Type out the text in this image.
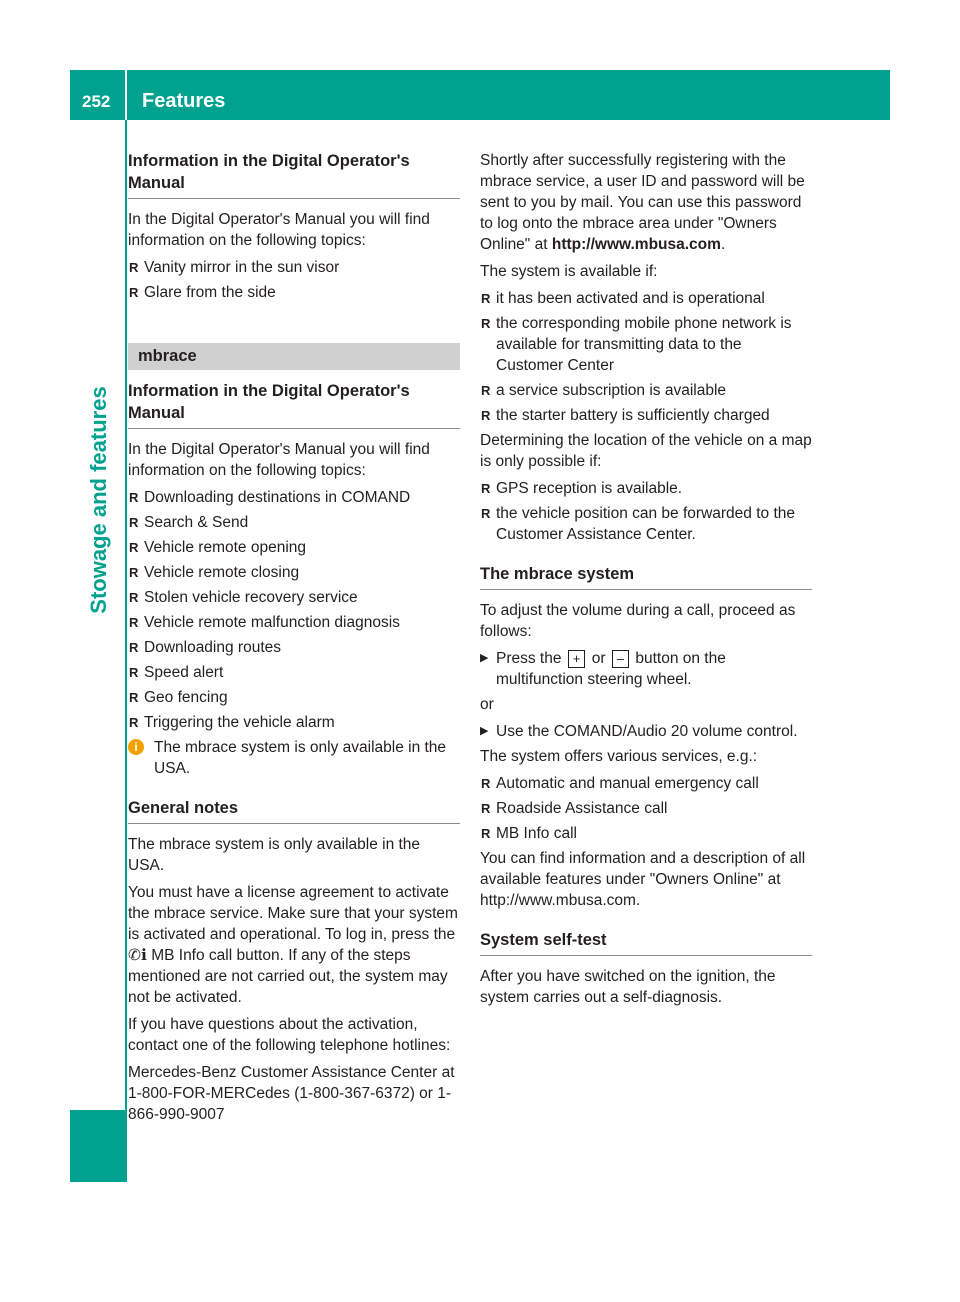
252	Features
Stowage and features
Information in the Digital Operator's Manual

In the Digital Operator's Manual you will find information on the following topics:

R Vanity mirror in the sun visor
R Glare from the side
mbrace
Information in the Digital Operator's Manual

In the Digital Operator's Manual you will find information on the following topics:

R Downloading destinations in COMAND
R Search & Send
R Vehicle remote opening
R Vehicle remote closing
R Stolen vehicle recovery service
R Vehicle remote malfunction diagnosis
R Downloading routes
R Speed alert
R Geo fencing
R Triggering the vehicle alarm
i	The mbrace system is only available in the USA.
General notes

The mbrace system is only available in the USA.

You must have a license agreement to activate the mbrace service. Make sure that your system is activated and operational. To log in, press the ✆ℹ MB Info call button. If any of the steps mentioned are not carried out, the system may not be activated.

If you have questions about the activation, contact one of the following telephone hotlines:

Mercedes-Benz Customer Assistance Center at 1-800-FOR-MERCedes (1-800-367-6372) or 1-866-990-9007

Shortly after successfully registering with the mbrace service, a user ID and password will be sent to you by mail. You can use this password to log onto the mbrace area under "Owners Online" at http://www.mbusa.com.

The system is available if:

R it has been activated and is operational
R the corresponding mobile phone network is available for transmitting data to the Customer Center
R a service subscription is available
R the starter battery is sufficiently charged

Determining the location of the vehicle on a map is only possible if:

R GPS reception is available.
R the vehicle position can be forwarded to the Customer Assistance Center.
The mbrace system

To adjust the volume during a call, proceed as follows:

▶ Press the + or – button on the multifunction steering wheel.

or

▶ Use the COMAND/Audio 20 volume control.

The system offers various services, e.g.:

R Automatic and manual emergency call
R Roadside Assistance call
R MB Info call

You can find information and a description of all available features under "Owners Online" at http://www.mbusa.com.

System self-test

After you have switched on the ignition, the system carries out a self-diagnosis.
